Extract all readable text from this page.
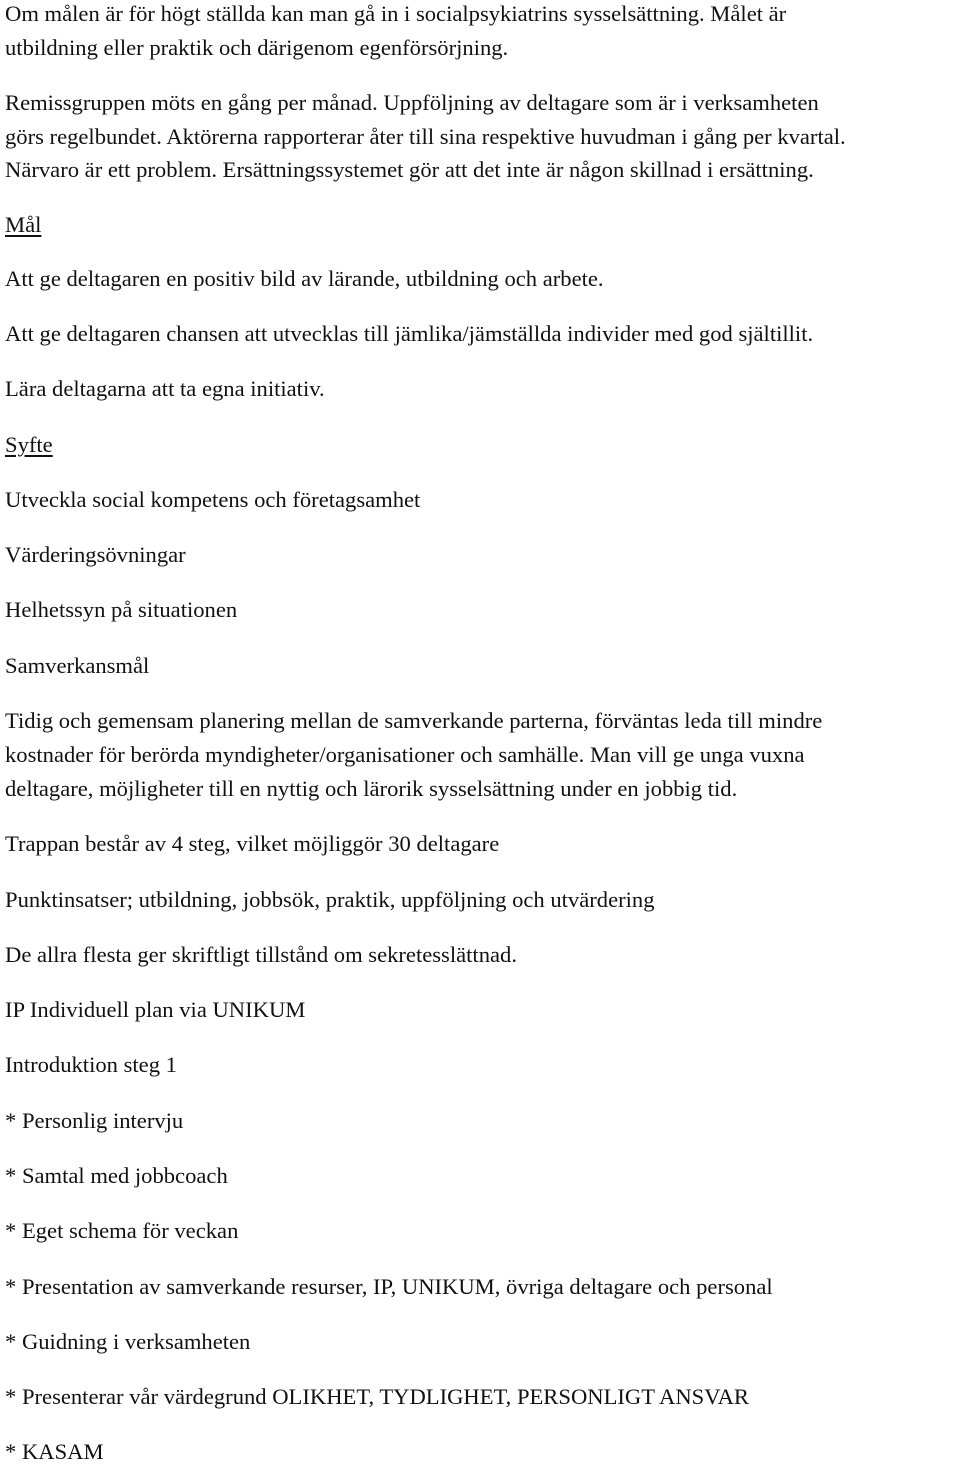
Om målen är för högt ställda kan man gå in i socialpsykiatrins sysselsättning. Målet är
utbildning eller praktik och därigenom egenförsörjning.
Remissgruppen möts en gång per månad. Uppföljning av deltagare som är i verksamheten
görs regelbundet. Aktörerna rapporterar åter till sina respektive huvudman i gång per kvartal.
Närvaro är ett problem. Ersättningssystemet gör att det inte är någon skillnad i ersättning.
Mål
Att ge deltagaren en positiv bild av lärande, utbildning och arbete.
Att ge deltagaren chansen att utvecklas till jämlika/jämställda individer med god själtillit.
Lära deltagarna att ta egna initiativ.
Syfte
Utveckla social kompetens och företagsamhet
Värderingsövningar
Helhetssyn på situationen
Samverkansmål
Tidig och gemensam planering mellan de samverkande parterna, förväntas leda till mindre
kostnader för berörda myndigheter/organisationer och samhälle. Man vill ge unga vuxna
deltagare, möjligheter till en nyttig och lärorik sysselsättning under en jobbig tid.
Trappan består av 4 steg, vilket möjliggör 30 deltagare
Punktinsatser; utbildning, jobbsök, praktik, uppföljning och utvärdering
De allra flesta ger skriftligt tillstånd om sekretesslättnad.
IP Individuell plan via UNIKUM
Introduktion steg 1
* Personlig intervju
* Samtal med jobbcoach
* Eget schema för veckan
* Presentation av samverkande resurser, IP, UNIKUM, övriga deltagare och personal
* Guidning i verksamheten
* Presenterar vår värdegrund OLIKHET, TYDLIGHET, PERSONLIGT ANSVAR
* KASAM
